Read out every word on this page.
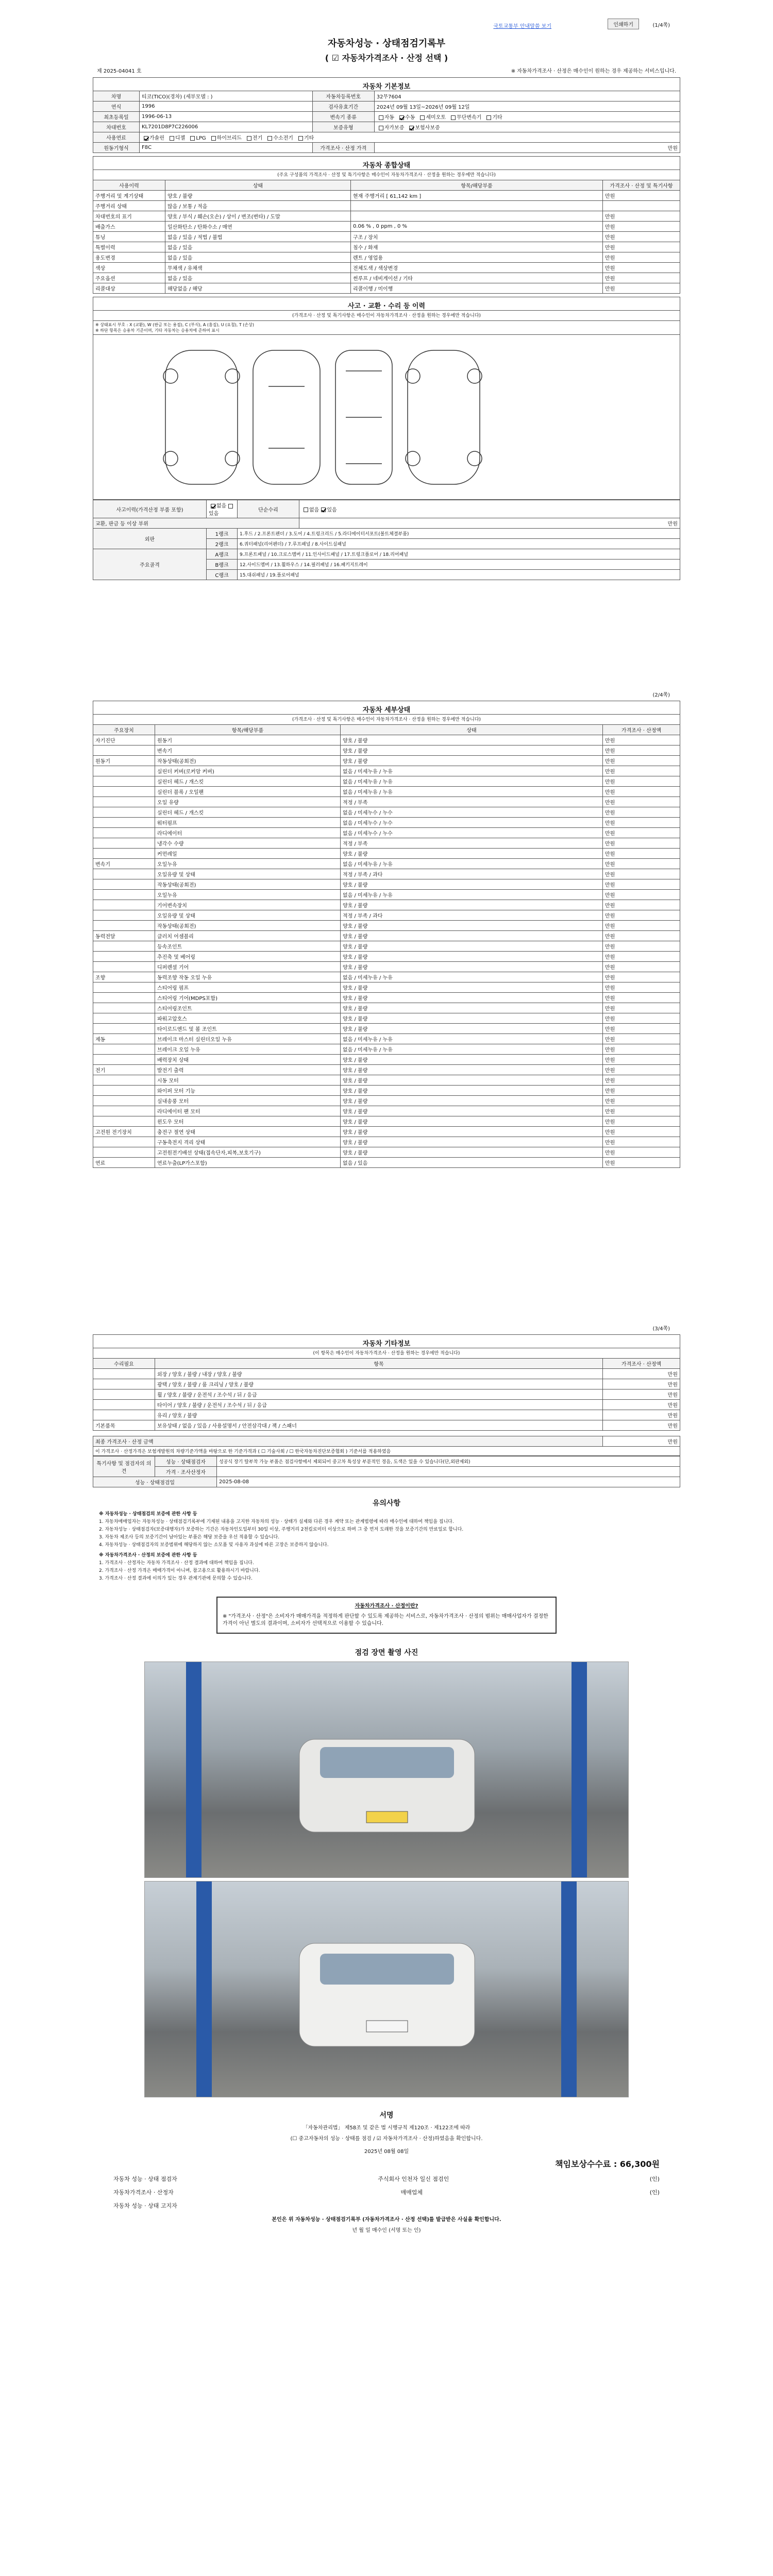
국토교통부 안내말씀 보기	인쇄하기	(1/4쪽)
자동차성능 · 상태점검기록부
( ☑ 자동차가격조사 · 산정 선택 )
제 2025-04041 호	※ 자동차가격조사 · 산정은 매수인이 원하는 경우 제공하는 서비스입니다.
자동차 기본정보			
차명	티코(TICO)(경차) (세부모델 : )	자동차등록번호	32무7604
연식	1996	검사유효기간	2024년 09월 13일~2026년 09월 12일
최초등록일	1996-06-13	변속기 종류	자동 수동 세미오토 무단변속기 기타
차대번호	KL7201D8P7C226006	보증유형	자가보증 보험사보증
사용연료	가솔린 디젤 LPG 하이브리드 전기 수소전기 기타		
원동기형식	F8C	가격조사 · 산정 가격	만원
자동차 종합상태			
(주요 구성품의 가격조사 · 산정 및 특기사항은 매수인이 자동차가격조사 · 산정을 원하는 경우에만 적습니다)			
사용이력	상태	항목/해당부품	가격조사 · 산정 및 특기사항
주행거리 및 계기상태	양호 / 불량	현재 주행거리 [ 61,142 km ]	만원
주행거리 상태	많음 / 보통 / 적음		
차대번호의 표기	양호 / 부식 / 훼손(오손) / 상이 / 변조(변타) / 도말		만원
배출가스	일산화탄소 / 탄화수소 / 매연	0.06 % , 0 ppm , 0 %	만원
튜닝	없음 / 있음 / 적법 / 불법	구조 / 장치	만원
특별이력	없음 / 있음	침수 / 화재	만원
용도변경	없음 / 있음	렌트 / 영업용	만원
색상	무채색 / 유채색	전체도색 / 색상변경	만원
주요옵션	없음 / 있음	썬루프 / 네비게이션 / 기타	만원
리콜대상	해당없음 / 해당	리콜이행 / 미이행	만원
사고 · 교환 · 수리 등 이력
(가격조사 · 산정 및 특기사항은 매수인이 자동차가격조사 · 산정을 원하는 경우에만 적습니다)
※ 상태표시 부호 : X (교환), W (판금 또는 용접), C (부식), A (흠집), U (요철), T (손상)
※ 하단 항목은 승용차 기준이며, 기타 자동차는 승용차에 준하여 표시
사고이력(가격산정 부품 포함)	없음있음	단순수리	없음 있음
교환, 판금 등 이상 부위			만원
외판	1랭크	1.후드 / 2.프론트펜더 / 3.도어 / 4.트렁크리드 / 5.라디에이터서포트(볼트체결부품)	
	2랭크	6.쿼터패널(리어펜더) / 7.루프패널 / 8.사이드실패널	
주요골격	A랭크	9.프론트패널 / 10.크로스멤버 / 11.인사이드패널 / 17.트렁크플로어 / 18.리어패널	
	B랭크	12.사이드멤버 / 13.휠하우스 / 14.필러패널 / 16.패키지트레이	
	C랭크	15.대쉬패널 / 19.플로어패널	
(2/4쪽)
자동차 세부상태			
(가격조사 · 산정 및 특기사항은 매수인이 자동차가격조사 · 산정을 원하는 경우에만 적습니다)			
주요장치	항목/해당부품	상태	가격조사 · 산정액
자기진단	원동기	양호 / 불량	만원
	변속기	양호 / 불량	만원
원동기	작동상태(공회전)	양호 / 불량	만원
	실린더 커버(로커암 커버)	없음 / 미세누유 / 누유	만원
	실린더 헤드 / 개스킷	없음 / 미세누유 / 누유	만원
	실린더 블록 / 오일팬	없음 / 미세누유 / 누유	만원
	오일 유량	적정 / 부족	만원
	실린더 헤드 / 개스킷	없음 / 미세누수 / 누수	만원
	워터펌프	없음 / 미세누수 / 누수	만원
	라디에이터	없음 / 미세누수 / 누수	만원
	냉각수 수량	적정 / 부족	만원
	커먼레일	양호 / 불량	만원
변속기	오일누유	없음 / 미세누유 / 누유	만원
	오일유량 및 상태	적정 / 부족 / 과다	만원
	작동상태(공회전)	양호 / 불량	만원
	오일누유	없음 / 미세누유 / 누유	만원
	기어변속장치	양호 / 불량	만원
	오일유량 및 상태	적정 / 부족 / 과다	만원
	작동상태(공회전)	양호 / 불량	만원
동력전달	클러치 어셈블리	양호 / 불량	만원
	등속조인트	양호 / 불량	만원
	추진축 및 베어링	양호 / 불량	만원
	디퍼렌셜 기어	양호 / 불량	만원
조향	동력조향 작동 오일 누유	없음 / 미세누유 / 누유	만원
	스티어링 펌프	양호 / 불량	만원
	스티어링 기어(MDPS포함)	양호 / 불량	만원
	스티어링조인트	양호 / 불량	만원
	파워고압호스	양호 / 불량	만원
	타이로드엔드 및 볼 조인트	양호 / 불량	만원
제동	브레이크 마스터 실린더오일 누유	없음 / 미세누유 / 누유	만원
	브레이크 오일 누유	없음 / 미세누유 / 누유	만원
	배력장치 상태	양호 / 불량	만원
전기	발전기 출력	양호 / 불량	만원
	시동 모터	양호 / 불량	만원
	와이퍼 모터 기능	양호 / 불량	만원
	실내송풍 모터	양호 / 불량	만원
	라디에이터 팬 모터	양호 / 불량	만원
	윈도우 모터	양호 / 불량	만원
고전원 전기장치	충전구 절연 상태	양호 / 불량	만원
	구동축전지 격리 상태	양호 / 불량	만원
	고전원전기배선 상태(접속단자,피복,보호기구)	양호 / 불량	만원
연료	연료누출(LP가스포함)	없음 / 있음	만원
(3/4쪽)
자동차 기타정보		
(이 항목은 매수인이 자동차가격조사 · 산정을 원하는 경우에만 적습니다)		
수리필요	항목	가격조사 · 산정액
	외장 / 양호 / 불량 / 내장 / 양호 / 불량	만원
	광택 / 양호 / 불량 / 룸 크리닝 / 양호 / 불량	만원
	휠 / 양호 / 불량 / 운전석 / 조수석 / 뒤 / 응급	만원
	타이어 / 양호 / 불량 / 운전석 / 조수석 / 뒤 / 응급	만원
	유리 / 양호 / 불량	만원
기본품목	보유상태 / 없음 / 있음 / 사용설명서 / 안전삼각대 / 잭 / 스패너	만원
최종 가격조사 · 산정 금액	만원
이 가격조사 · 산정가격은 보험개발원의 차량기준가액을 바탕으로 한 기준가격과 ( ☐ 기술사회 / ☐ 한국자동차진단보증협회 ) 기준서를 적용하였음
특기사항 및 점검자의 의견	성능 · 상태점검자	성공식 장기 탈부착 가능 부품은 점검사항에서 제외되어 중고차 특성상 부분적인 경음, 도색은 있을 수 있습니다(단,외판제외)
	가격 · 조사산정자	
성능 · 상태점검일		2025-08-08
유의사항

※ 자동차성능 · 상태점검의 보증에 관한 사항 등

1. 자동차매매업자는 자동차성능 · 상태점검기록부에 기재된 내용을 고지한 자동차의 성능 · 상태가 실제와 다른 경우 계약 또는 관계법령에 따라 매수인에 대하여 책임을 집니다.

2. 자동차성능 · 상태점검자(보증대행자)가 보증하는 기간은 자동차인도일부터 30일 이상, 주행거리 2천킬로미터 이상으로 하며 그 중 먼저 도래한 것을 보증기간의 만료일로 합니다.

3. 자동차 제조사 등의 보증기간이 남아있는 부품은 해당 보증을 우선 적용할 수 있습니다.

4. 자동차성능 · 상태점검자의 보증범위에 해당하지 않는 소모품 및 사용자 과실에 따른 고장은 보증하지 않습니다.

※ 자동차가격조사 · 산정의 보증에 관한 사항 등

1. 가격조사 · 산정자는 자동차 가격조사 · 산정 결과에 대하여 책임을 집니다.

2. 가격조사 · 산정 가격은 매매가격이 아니며, 참고용으로 활용하시기 바랍니다.

3. 가격조사 · 산정 결과에 이의가 있는 경우 관계기관에 문의할 수 있습니다.

자동차가격조사 · 산정이란?
※ "가격조사 · 산정"은 소비자가 매매가격을 적정하게 판단할 수 있도록 제공하는 서비스로, 자동차가격조사 · 산정의 범위는 매매사업자가 결정한 가격이 아닌 별도의 결과이며, 소비자가 선택적으로 이용할 수 있습니다.
점검 장면 촬영 사진
서명
「자동차관리법」 제58조 및 같은 법 시행규칙 제120조 · 제122조에 따라
(☐ 중고자동차의 성능 · 상태를 점검 / ☑ 자동차가격조사 · 산정)하였음을 확인합니다.
2025년 08월 08일
책임보상수수료 : 66,300원
자동차 성능 · 상태 점검자	주식회사 인천자 일신 점검인	(인)
자동차가격조사 · 산정자	매매업체	(인)
자동차 성능 · 상태 고지자
본인은 위 자동차성능 · 상태점검기록부 (자동차가격조사 · 산정 선택)를 발급받은 사실을 확인합니다.
년 월 일 매수인 (서명 또는 인)
